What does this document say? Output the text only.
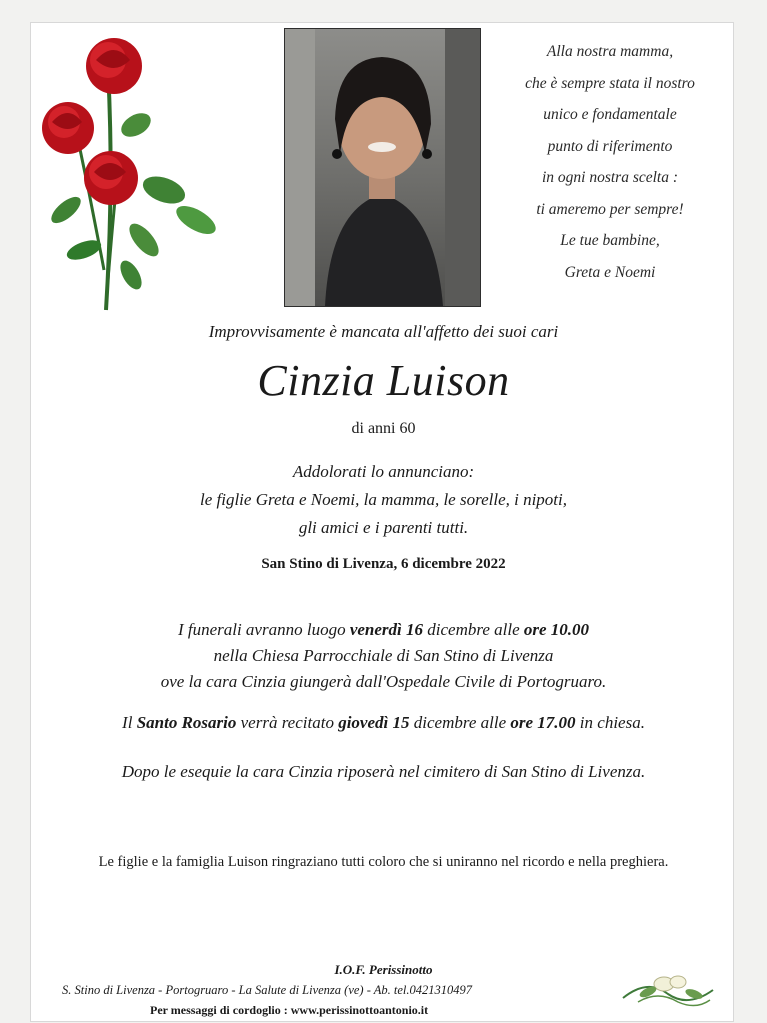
Alla nostra mamma,
che è sempre stata il nostro
unico e fondamentale
punto di riferimento
in ogni nostra scelta :
ti ameremo per sempre!
Le tue bambine,
Greta e Noemi
Improvvisamente è mancata all'affetto dei suoi cari
Cinzia Luison
di anni 60
Addolorati lo annunciano:
le figlie Greta e Noemi, la mamma, le sorelle, i nipoti,
gli amici e i parenti tutti.
San Stino di Livenza, 6 dicembre 2022
I funerali avranno luogo venerdì 16 dicembre alle ore 10.00
nella Chiesa Parrocchiale di San Stino di Livenza
ove la cara Cinzia giungerà dall'Ospedale Civile di Portogruaro.
Il Santo Rosario verrà recitato giovedì 15 dicembre alle ore 17.00 in chiesa.
Dopo le esequie la cara Cinzia riposerà nel cimitero di San Stino di Livenza.
Le figlie e la famiglia Luison ringraziano tutti coloro che si uniranno nel ricordo e nella preghiera.
I.O.F. Perissinotto
S. Stino di Livenza - Portogruaro - La Salute di Livenza (ve) - Ab. tel.0421310497
Per messaggi di cordoglio : www.perissinottoantonio.it
